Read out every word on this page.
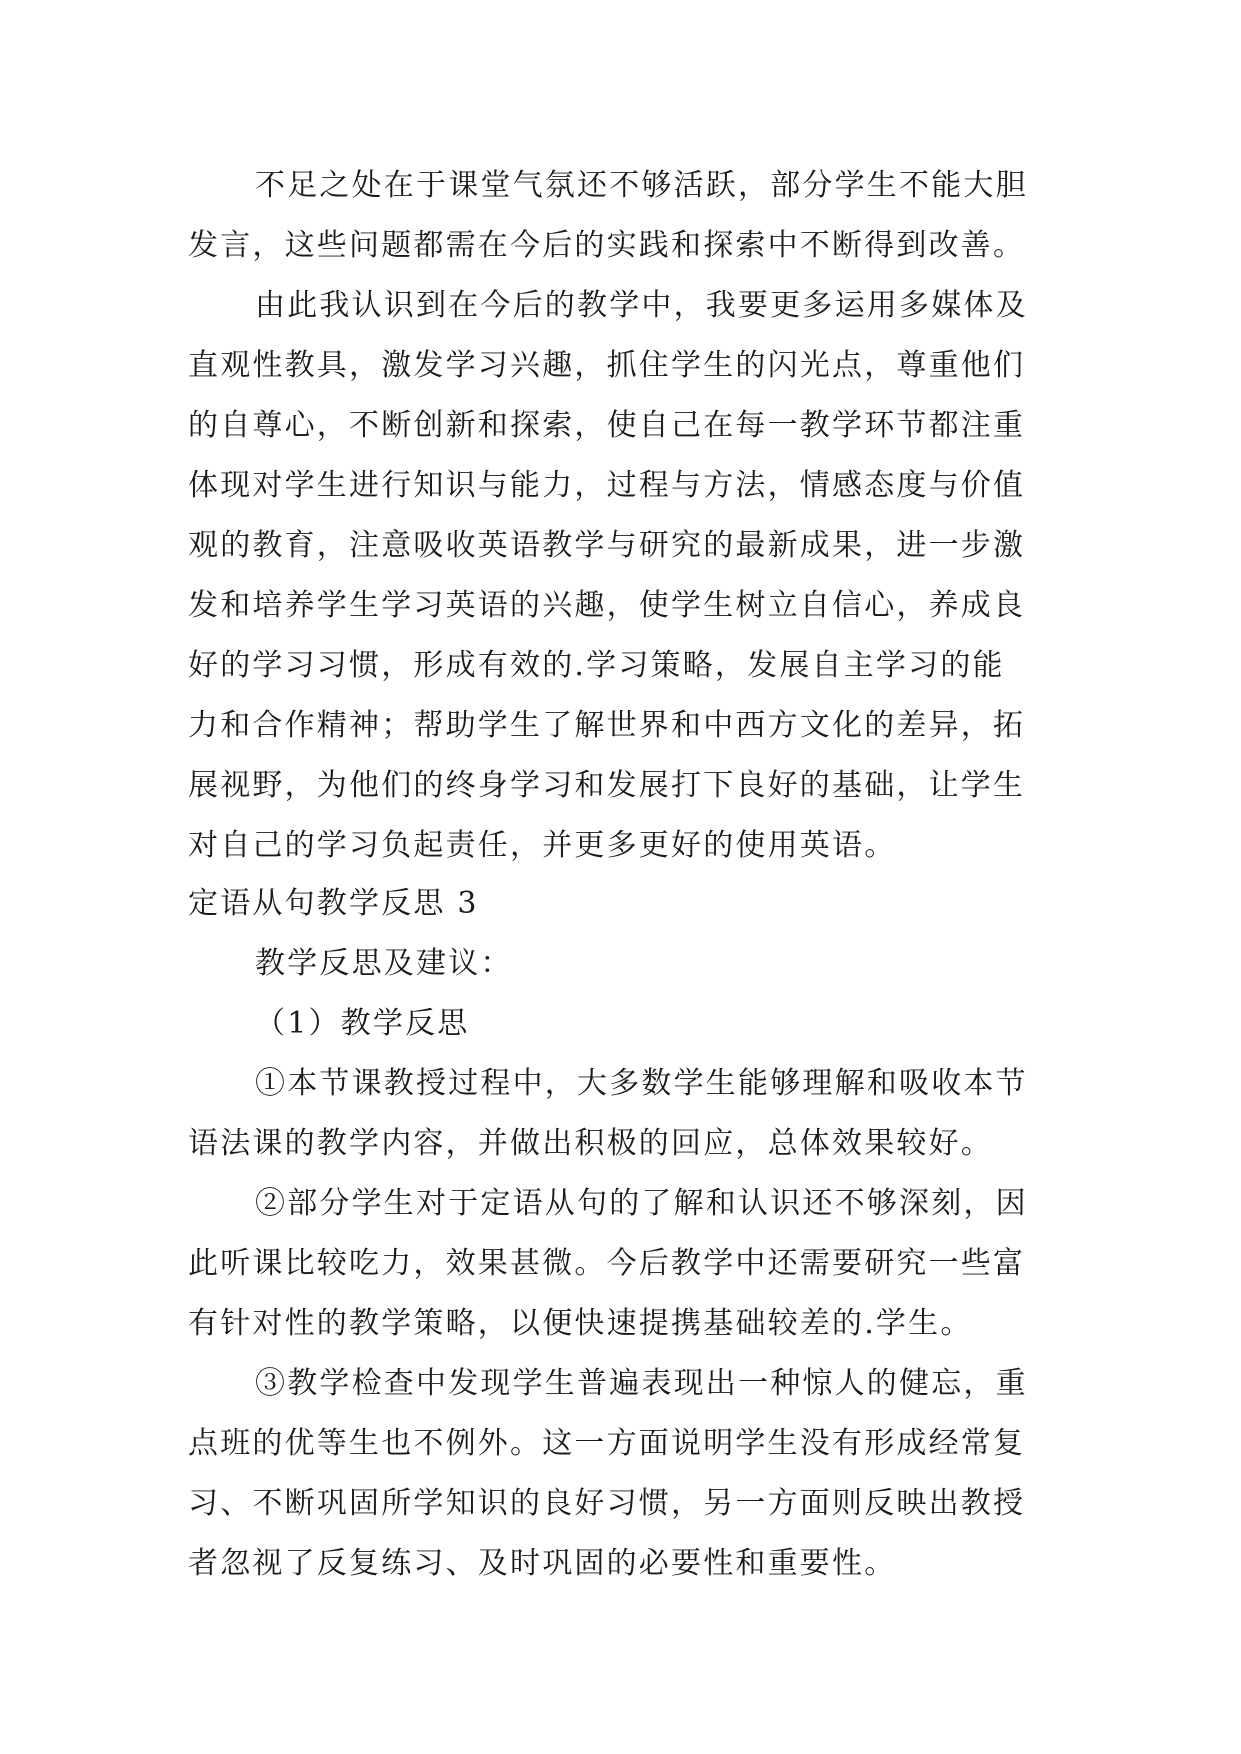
不足之处在于课堂气氛还不够活跃，部分学生不能大胆
发言，这些问题都需在今后的实践和探索中不断得到改善。
由此我认识到在今后的教学中，我要更多运用多媒体及
直观性教具，激发学习兴趣，抓住学生的闪光点，尊重他们
的自尊心，不断创新和探索，使自己在每一教学环节都注重
体现对学生进行知识与能力，过程与方法，情感态度与价值
观的教育，注意吸收英语教学与研究的最新成果，进一步激
发和培养学生学习英语的兴趣，使学生树立自信心，养成良
好的学习习惯，形成有效的.学习策略，发展自主学习的能
力和合作精神；帮助学生了解世界和中西方文化的差异，拓
展视野，为他们的终身学习和发展打下良好的基础，让学生
对自己的学习负起责任，并更多更好的使用英语。
定语从句教学反思 3
教学反思及建议：
（1）教学反思
①本节课教授过程中，大多数学生能够理解和吸收本节
语法课的教学内容，并做出积极的回应，总体效果较好。
②部分学生对于定语从句的了解和认识还不够深刻，因
此听课比较吃力，效果甚微。今后教学中还需要研究一些富
有针对性的教学策略，以便快速提携基础较差的.学生。
③教学检查中发现学生普遍表现出一种惊人的健忘，重
点班的优等生也不例外。这一方面说明学生没有形成经常复
习、不断巩固所学知识的良好习惯，另一方面则反映出教授
者忽视了反复练习、及时巩固的必要性和重要性。
